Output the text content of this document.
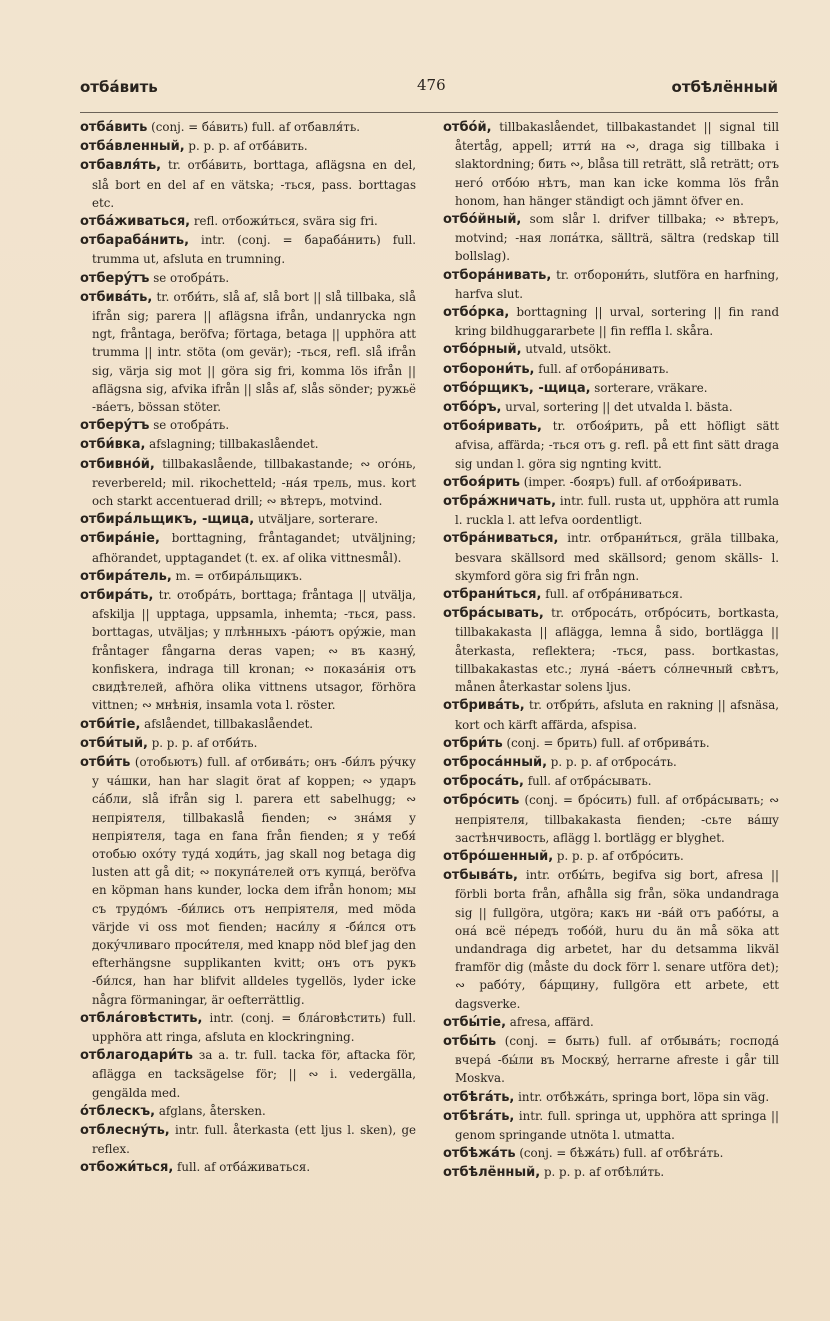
отбáвить	476	отбѣлённый

отбáвить (conj. = бáвить) full. af отбавля́ть.

отбáвленный, p. p. p. af отбáвить.

отбавля́ть, tr. отбáвить, borttaga, aflägsna en del, slå bort en del af en vätska; -ться, pass. borttagas etc.

отбáживаться, refl. отбожи́ться, svära sig fri.

отбарабáнить, intr. (conj. = барабáнить) full. trumma ut, afsluta en trumning.

отберу́тъ se отобрáть.

отбивáть, tr. отби́ть, slå af, slå bort || slå tillbaka, slå ifrån sig; parera || aflägsna ifrån, undanrycka ngn ngt, fråntaga, beröfva; förtaga, betaga || upphöra att trumma || intr. stöta (om gevär); -ться, refl. slå ifrån sig, värja sig mot || göra sig fri, komma lös ifrån || aflägsna sig, afvika ifrån || slås af, slås sönder; ружьё -вáетъ, bössan stöter.

отберу́тъ se отобрáть.

отби́вка, afslagning; tillbakaslåendet.

отбивнóй, tillbakaslående, tillbakastande; ∾ огóнь, reverbereld; mil. rikochetteld; -нáя трель, mus. kort och starkt accentuerad drill; ∾ вѣтеръ, motvind.

отбирáльщикъ, -щица, utväljare, sorterare.

отбирáніе, borttagning, fråntagandet; utväljning; afhörandet, upptagandet (t. ex. af olika vittnesmål).

отбирáтель, m. = отбирáльщикъ.

отбирáть, tr. отобрáть, borttaga; fråntaga || utvälja, afskilja || upptaga, uppsamla, inhemta; -ться, pass. borttagas, utväljas; у плѣнныхъ -рáютъ орýжіе, man fråntager fångarna deras vapen; ∾ въ казнý, konfiskera, indraga till kronan; ∾ показáнія отъ свидѣтелей, afhöra olika vittnens utsagor, förhöra vittnen; ∾ мнѣнія, insamla vota l. röster.

отби́тіе, afslåendet, tillbakaslåendet.

отби́тый, p. p. p. af отби́ть.

отби́ть (отобьютъ) full. af отбивáть; онъ -би́лъ рýчку у чáшки, han har slagit örat af koppen; ∾ ударъ сáбли, slå ifrån sig l. parera ett sabelhugg; ∾ непріятеля, tillbakaslå fienden; ∾ знáмя у непріятеля, taga en fana från fienden; я у тебя́ отобью охóту тудá ходи́ть, jag skall nog betaga dig lusten att gå dit; ∾ покупáтелей отъ купцá, beröfva en köpman hans kunder, locka dem ifrån honom; мы съ трудóмъ -би́лись отъ непріятеля, med möda värjde vi oss mot fienden; наси́лу я -би́лся отъ докýчливаго проси́теля, med knapp nöd blef jag den efterhängsne supplikanten kvitt; онъ отъ рукъ -би́лся, han har blifvit alldeles tygellös, lyder icke några förmaningar, är oefterrättlig.

отблáговѣстить, intr. (conj. = блáговѣстить) full. upphöra att ringa, afsluta en klockringning.

отблагодари́ть за a. tr. full. tacka för, aftacka för, aflägga en tacksägelse för; || ∾ i. vedergälla, gengälda med.

óтблескъ, afglans, återsken.

отблеснýть, intr. full. återkasta (ett ljus l. sken), ge reflex.

отбожи́ться, full. af отбáживаться.

отбóй, tillbakaslåendet, tillbakastandet || signal till återtåg, appell; итти́ на ∾, draga sig tillbaka i slaktordning; бить ∾, blåsa till reträtt, slå reträtt; отъ негó отбóю нѣтъ, man kan icke komma lös från honom, han hänger ständigt och jämnt öfver en.

отбóйный, som slår l. drifver tillbaka; ∾ вѣтеръ, motvind; -ная лопáтка, sällträ, sältra (redskap till bollslag).

отборáнивать, tr. отборони́ть, slutföra en harfning, harfva slut.

отбóрка, borttagning || urval, sortering || fin rand kring bildhuggararbete || fin reffla l. skåra.

отбóрный, utvald, utsökt.

отборони́ть, full. af отборáнивать.

отбóрщикъ, -щица, sorterare, vräkare.

отбóръ, urval, sortering || det utvalda l. bästa.

отбоя́ривать, tr. отбоя́рить, på ett höfligt sätt afvisa, affärda; -ться отъ g. refl. på ett fint sätt draga sig undan l. göra sig ngnting kvitt.

отбоя́рить (imper. -бояръ) full. af отбоя́ривать.

отбрáжничать, intr. full. rusta ut, upphöra att rumla l. ruckla l. att lefva oordentligt.

отбрáниваться, intr. отбрани́ться, gräla tillbaka, besvara skällsord med skällsord; genom skälls- l. skymford göra sig fri från ngn.

отбрани́ться, full. af отбрáниваться.

отбрáсывать, tr. отбросáть, отбрóсить, bortkasta, tillbakakasta || aflägga, lemna å sido, bortlägga || återkasta, reflektera; -ться, pass. bortkastas, tillbakakastas etc.; лунá -вáетъ сóлнечный свѣтъ, månen återkastar solens ljus.

отбривáть, tr. отбри́ть, afsluta en rakning || afsnäsa, kort och kärft affärda, afspisa.

отбри́ть (conj. = брить) full. af отбривáть.

отбросáнный, p. p. p. af отбросáть.

отбросáть, full. af отбрáсывать.

отбрóсить (conj. = брóсить) full. af отбрáсывать; ∾ непріятеля, tillbakakasta fienden; -сьте вáшу застѣнчивость, aflägg l. bortlägg er blyghet.

отбрóшенный, p. p. p. af отбрóсить.

отбывáть, intr. отбы́ть, begifva sig bort, afresa || förbli borta från, afhålla sig från, söka undandraga sig || fullgöra, utgöra; какъ ни -вáй отъ рабóты, a онá всё пéредъ тобóй, huru du än må söka att undandraga dig arbetet, har du detsamma likväl framför dig (måste du dock förr l. senare utföra det); ∾ рабóту, бáрщину, fullgöra ett arbete, ett dagsverke.

отбы́тіе, afresa, affärd.

отбы́ть (conj. = быть) full. af отбывáть; господá вчерá -бы́ли въ Москвý, herrarne afreste i går till Moskva.

отбѣгáть, intr. отбѣжáть, springa bort, löpa sin väg.

отбѣгáть, intr. full. springa ut, upphöra att springa || genom springande utnöta l. utmatta.

отбѣжáть (conj. = бѣжáть) full. af отбѣгáть.

отбѣлённый, p. p. p. af отбѣли́ть.
